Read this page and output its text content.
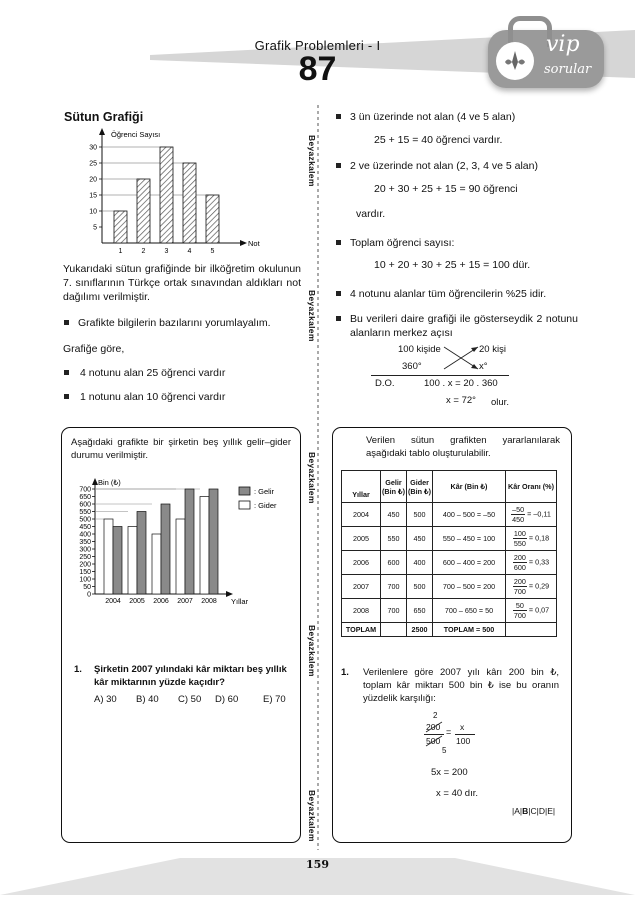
Grafik Problemleri - I
87
vip
sorular
Beyazkalem
Beyazkalem
Beyazkalem
Beyazkalem
Beyazkalem
Sütun Grafiği
Öğrenci Sayısı
Not
5
10
15
20
25
30
1	2	3	4	5
Yukarıdaki sütun grafiğinde bir ilköğretim okulunun 7. sınıflarının Türkçe ortak sınavından aldıkları not dağılımı verilmiştir.
Grafikte bilgilerin bazılarını yorumlayalım.
Grafiğe göre,
4 notunu alan 25 öğrenci vardır
1 notunu alan 10 öğrenci vardır
3 ün üzerinde not alan (4 ve 5 alan)
25 + 15 = 40 öğrenci vardır.
2 ve üzerinde not alan (2, 3, 4 ve 5 alan)
20 + 30 + 25 + 15 = 90 öğrenci
vardır.
Toplam öğrenci sayısı:
10 + 20 + 30 + 25 + 15 = 100 dür.
4 notunu alanlar tüm öğrencilerin %25 idir.
Bu verileri daire grafiği ile gösterseydik 2 notunu alanların merkez açısı
100 kişide	20 kişi
360°	x°
D.O.	100 . x = 20 . 360
x = 72° olur.
Aşağıdaki grafikte bir şirketin beş yıllık gelir–gider durumu verilmiştir.
Bin (₺)
Yıllar
0
50
100
150
200
250
300
350
400
450
500
550
600
650
700
2004 2005 2006 2007 2008
: Gelir
: Gider
1. Şirketin 2007 yılındaki kâr miktarı beş yıllık kâr miktarının yüzde kaçıdır?
A) 30 B) 40 C) 50 D) 60	E) 70
Verilen sütun grafikten yararlanılarak aşağıdaki tablo oluşturulabilir.
Yıllar	Gelir (Bin ₺)	Gider (Bin ₺)	Kâr (Bin ₺)	Kâr Oranı (%)
2004	450	500	400 – 500 = –50	$\frac{-50}{450} = -0,11$
2005	550	450	550 – 450 = 100	$\frac{100}{550} = 0,18$
2006	600	400	600 – 400 = 200	$\frac{200}{600} = 0,33$
2007	700	500	700 – 500 = 200	$\frac{200}{700} = 0,29$
2008	700	650	700 – 650 = 50	$\frac{50}{700} = 0,07$
TOPLAM		2500	TOPLAM = 500	
1. Verilenlere göre 2007 yılı kârı 200 bin ₺, toplam kâr miktarı 500 bin ₺ ise bu oranın yüzdelik karşılığı:
2
200
500
5
= x
100
5x = 200
x = 40 dır.
|A|B|C|D|E|
159
